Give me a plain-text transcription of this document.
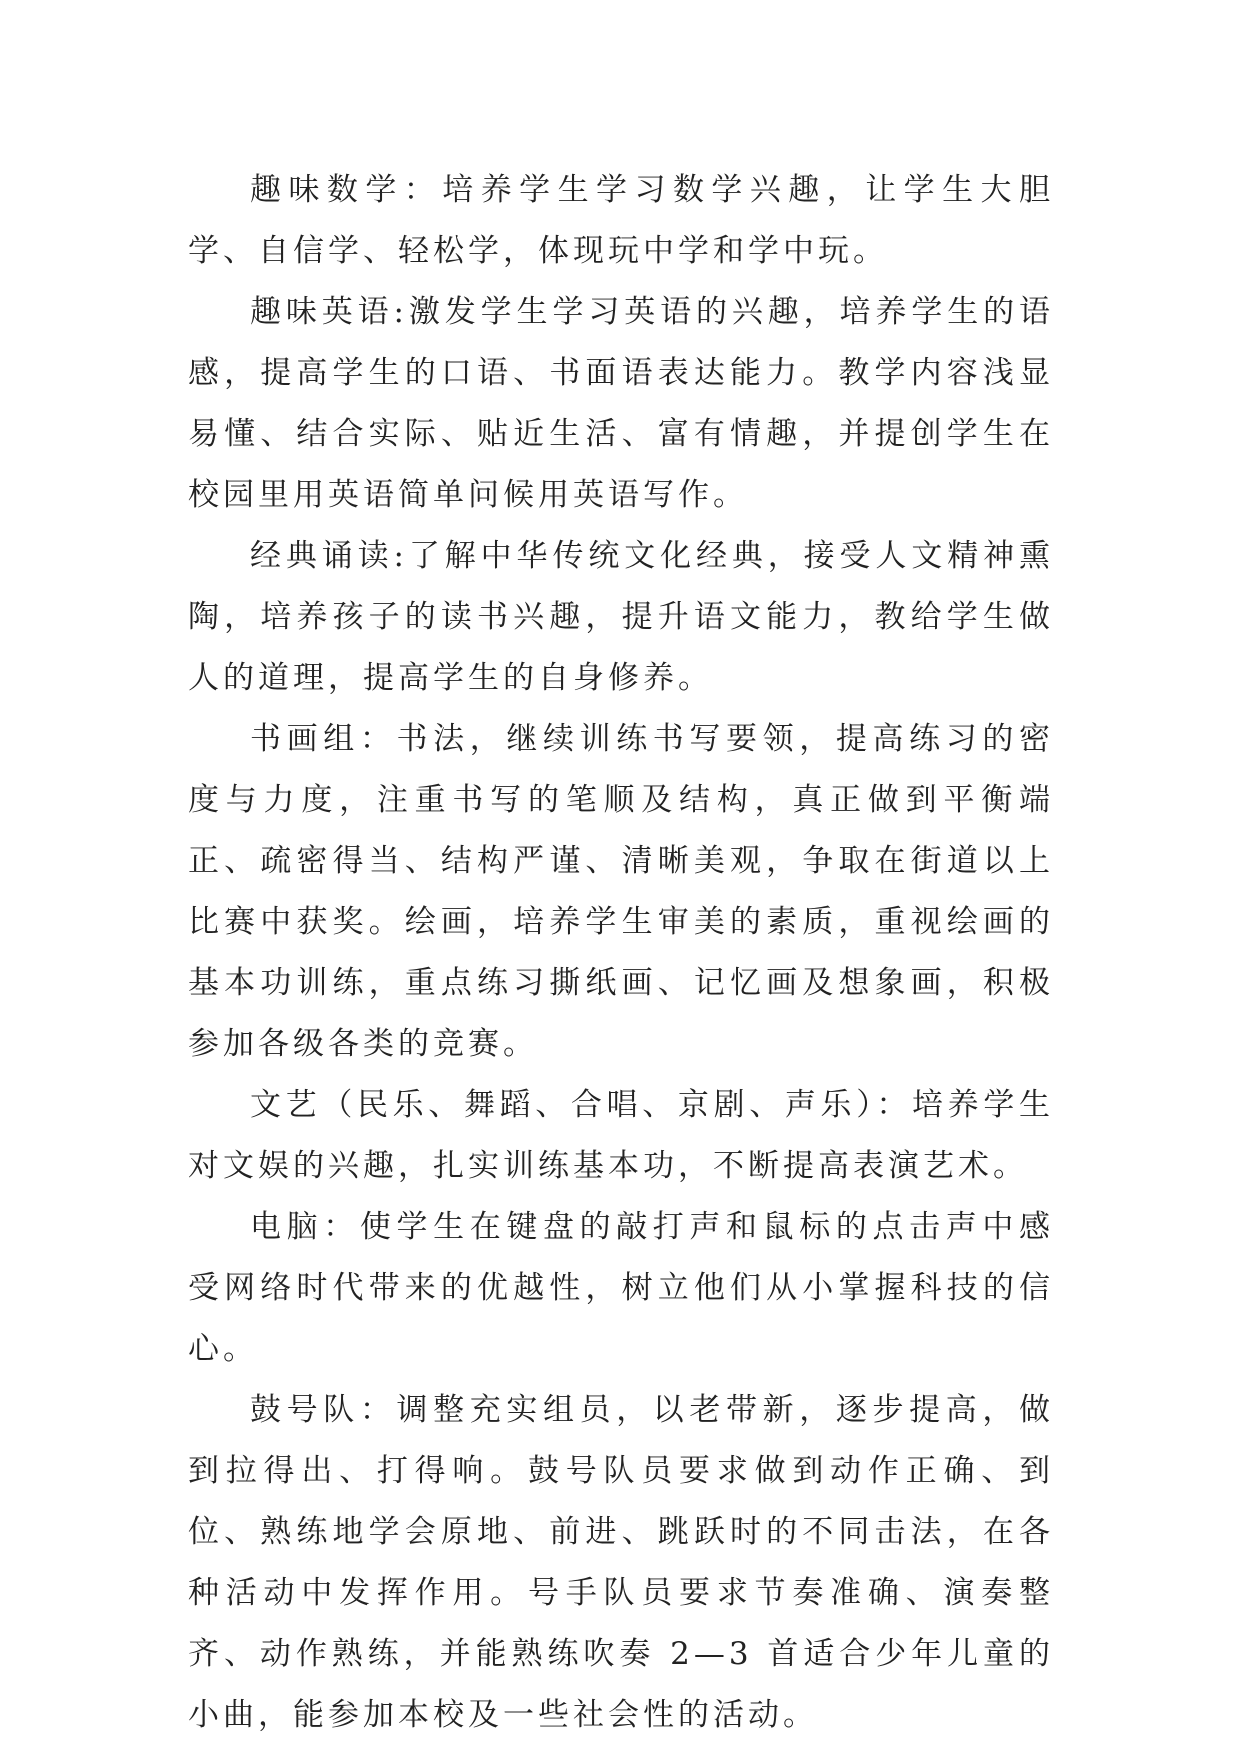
趣味数学：培养学生学习数学兴趣，让学生大胆学、自信学、轻松学，体现玩中学和学中玩。

趣味英语:激发学生学习英语的兴趣，培养学生的语感，提高学生的口语、书面语表达能力。教学内容浅显易懂、结合实际、贴近生活、富有情趣，并提创学生在校园里用英语简单问候用英语写作。

经典诵读:了解中华传统文化经典，接受人文精神熏陶，培养孩子的读书兴趣，提升语文能力，教给学生做人的道理，提高学生的自身修养。

书画组：书法，继续训练书写要领，提高练习的密度与力度，注重书写的笔顺及结构，真正做到平衡端正、疏密得当、结构严谨、清晰美观，争取在街道以上比赛中获奖。绘画，培养学生审美的素质，重视绘画的基本功训练，重点练习撕纸画、记忆画及想象画，积极参加各级各类的竞赛。

文艺（民乐、舞蹈、合唱、京剧、声乐）：培养学生对文娱的兴趣，扎实训练基本功，不断提高表演艺术。

电脑：使学生在键盘的敲打声和鼠标的点击声中感受网络时代带来的优越性，树立他们从小掌握科技的信心。

鼓号队：调整充实组员，以老带新，逐步提高，做到拉得出、打得响。鼓号队员要求做到动作正确、到位、熟练地学会原地、前进、跳跃时的不同击法，在各种活动中发挥作用。号手队员要求节奏准确、演奏整齐、动作熟练，并能熟练吹奏 2—3 首适合少年儿童的小曲，能参加本校及一些社会性的活动。
